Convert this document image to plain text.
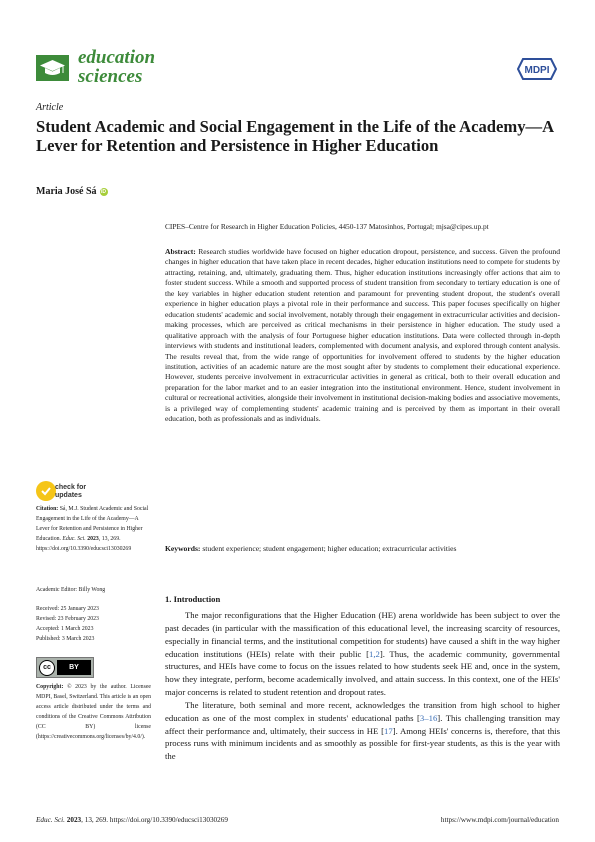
education
sciences	MDPI
Article
Student Academic and Social Engagement in the Life of the Academy—A Lever for Retention and Persistence in Higher Education
Maria José Sá iD
CIPES–Centre for Research in Higher Education Policies, 4450-137 Matosinhos, Portugal; mjsa@cipes.up.pt
Abstract: Research studies worldwide have focused on higher education dropout, persistence, and success. Given the profound changes in higher education that have taken place in recent decades, higher education institutions need to compete for students by attracting, retaining, and, ultimately, graduating them. Thus, higher education institutions increasingly offer actions that aim to foster student success. While a smooth and supported process of student transition from secondary to tertiary education is one of the key variables in higher education student retention and paramount for preventing student dropout, the student's overall experience in higher education plays a pivotal role in their performance and success. This paper focuses specifically on higher education students' academic and social involvement, notably through their engagement in extracurricular activities and decision-making processes, which are perceived as critical mechanisms in their persistence in higher education. The study used a qualitative approach with the analysis of four Portuguese higher education institutions. Data were collected through in-depth interviews with students and institutional leaders, complemented with document analysis, and explored through content analysis. The results reveal that, from the wide range of opportunities for involvement offered to students by the higher education institution, activities of an academic nature are the most sought after by students to complement their educational experience. However, students perceive involvement in extracurricular activities in general as critical, both to their overall education and preparation for the labor market and to an easier integration into the institutional environment. Hence, student involvement in cultural or recreational activities, alongside their involvement in institutional decision-making bodies and associative movements, is a privileged way of complementing students' academic training and is perceived by them as important in their overall education, both as professionals and as individuals.
Keywords: student experience; student engagement; higher education; extracurricular activities
1. Introduction

The major reconfigurations that the Higher Education (HE) arena worldwide has been subject to over the past decades (in particular with the massification of this educational level, the increasing scarcity of resources, especially in financial terms, and the institutional competition for students) have caused a shift in the way higher education institutions (HEIs) relate with their public [1,2]. Thus, the academic community, governmental structures, and HEIs have come to focus on the issues related to how students seek HE and, once in the system, how they integrate, perform, become academically involved, and attain success. In this context, one of the HEIs' major concerns is related to student retention and dropout rates.

The literature, both seminal and more recent, acknowledges the transition from high school to higher education as one of the most complex in students' educational paths [3–16]. This challenging transition may affect their performance and, ultimately, their success in HE [17]. Among HEIs' concerns is, therefore, that this process runs with minimum incidents and as smoothly as possible for first-year students, as this is the year with the

check for
updates
Citation: Sá, M.J. Student Academic and Social Engagement in the Life of the Academy—A Lever for Retention and Persistence in Higher Education. Educ. Sci. 2023, 13, 269. https://doi.org/10.3390/educsci13030269
Academic Editor: Billy Wong
Received: 25 January 2023
Revised: 23 February 2023
Accepted: 1 March 2023
Published: 3 March 2023
cc	BY
Copyright: © 2023 by the author. Licensee MDPI, Basel, Switzerland. This article is an open access article distributed under the terms and conditions of the Creative Commons Attribution (CC BY) license (https://creativecommons.org/licenses/by/4.0/).
Educ. Sci. 2023, 13, 269. https://doi.org/10.3390/educsci13030269	https://www.mdpi.com/journal/education
